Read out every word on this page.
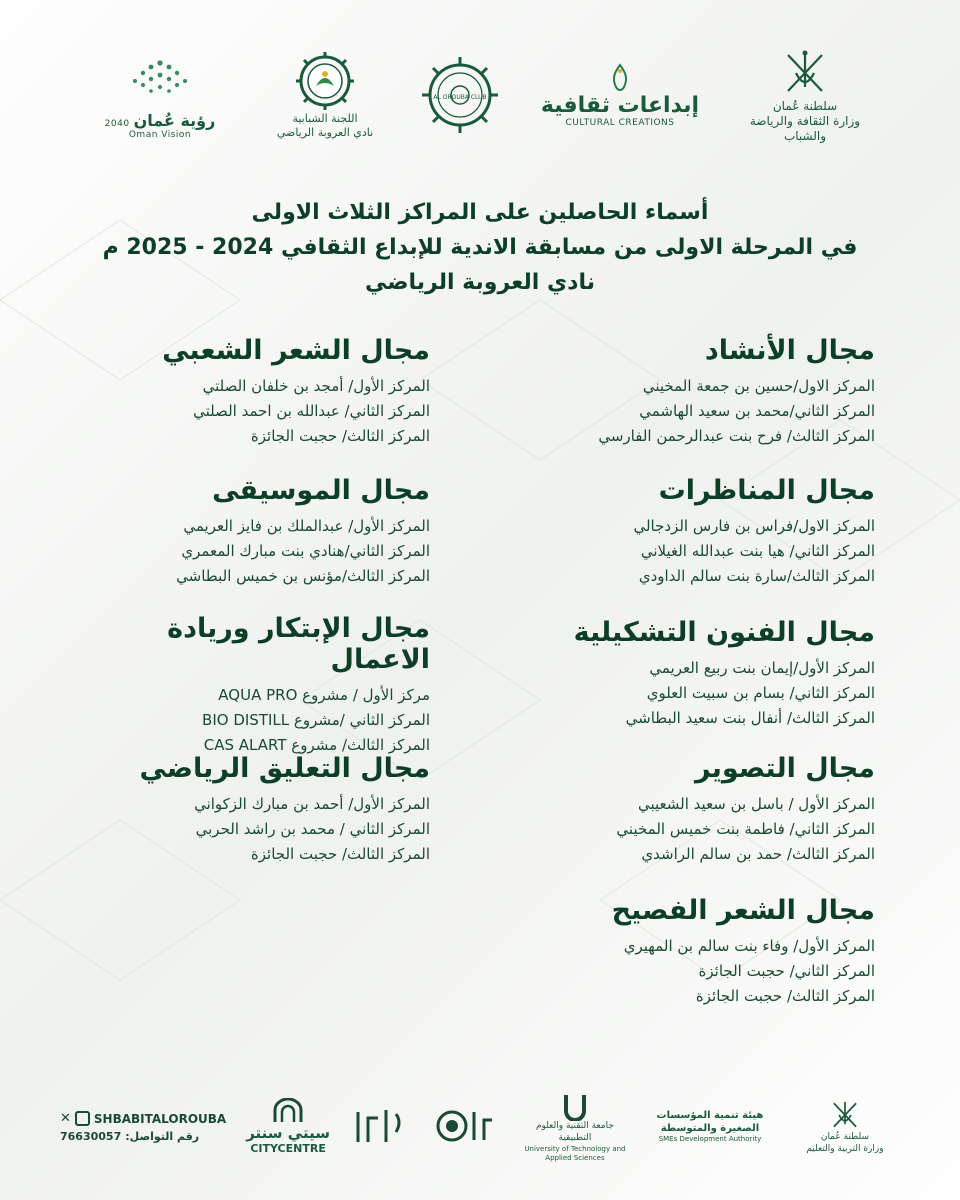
2040 رؤية عُمان
Oman Vision
اللجنة الشبابية
نادي العروبة الرياضي
AL OROUBA CLUB إبداعات ثقافية
CULTURAL CREATIONS
سلطنة عُمان
وزارة الثقافة والرياضة والشباب
أسماء الحاصلين على المراكز الثلاث الاولى
في المرحلة الاولى من مسابقة الاندية للإبداع الثقافي 2024 - 2025 م
نادي العروبة الرياضي
مجال الأنشاد
المركز الاول/حسين بن جمعة المخيني
المركز الثاني/محمد بن سعيد الهاشمي
المركز الثالث/ فرح بنت عبدالرحمن الفارسي
مجال المناظرات
المركز الاول/فراس بن فارس الزدجالي
المركز الثاني/ هيا بنت عبدالله الغيلاني
المركز الثالث/سارة بنت سالم الداودي
مجال الفنون التشكيلية
المركز الأول/إيمان بنت ربيع العريمي
المركز الثاني/ بسام بن سبيت العلوي
المركز الثالث/ أنفال بنت سعيد البطاشي
مجال التصوير
المركز الأول / باسل بن سعيد الشعيبي
المركز الثاني/ فاطمة بنت خميس المخيني
المركز الثالث/ حمد بن سالم الراشدي
مجال الشعر الفصيح
المركز الأول/ وفاء بنت سالم بن المهيري
المركز الثاني/ حجبت الجائزة
المركز الثالث/ حجبت الجائزة
مجال الشعر الشعبي
المركز الأول/ أمجد بن خلفان الصلتي
المركز الثاني/ عبدالله بن احمد الصلتي
المركز الثالث/ حجبت الجائزة
مجال الموسيقى
المركز الأول/ عبدالملك بن فايز العريمي
المركز الثاني/هنادي بنت مبارك المعمري
المركز الثالث/مؤنس بن خميس البطاشي
مجال الإبتكار وريادة الاعمال
مركز الأول / مشروع AQUA PRO
المركز الثاني /مشروع BIO DISTILL
المركز الثالث/ مشروع CAS ALART
مجال التعليق الرياضي
المركز الأول/ أحمد بن مبارك الزكواني
المركز الثاني / محمد بن راشد الحربي
المركز الثالث/ حجبت الجائزة
✕ SHBABITALOROUBA
76630057 رقم التواصل:	سيتي سنتر
CITYCENTRE
جامعة التقنية والعلوم التطبيقية
University of Technology and Applied Sciences
هيئة تنمية المؤسسات الصغيرة والمتوسطة
SMEs Development Authority	سلطنة عُمان
وزارة التربية والتعليم
